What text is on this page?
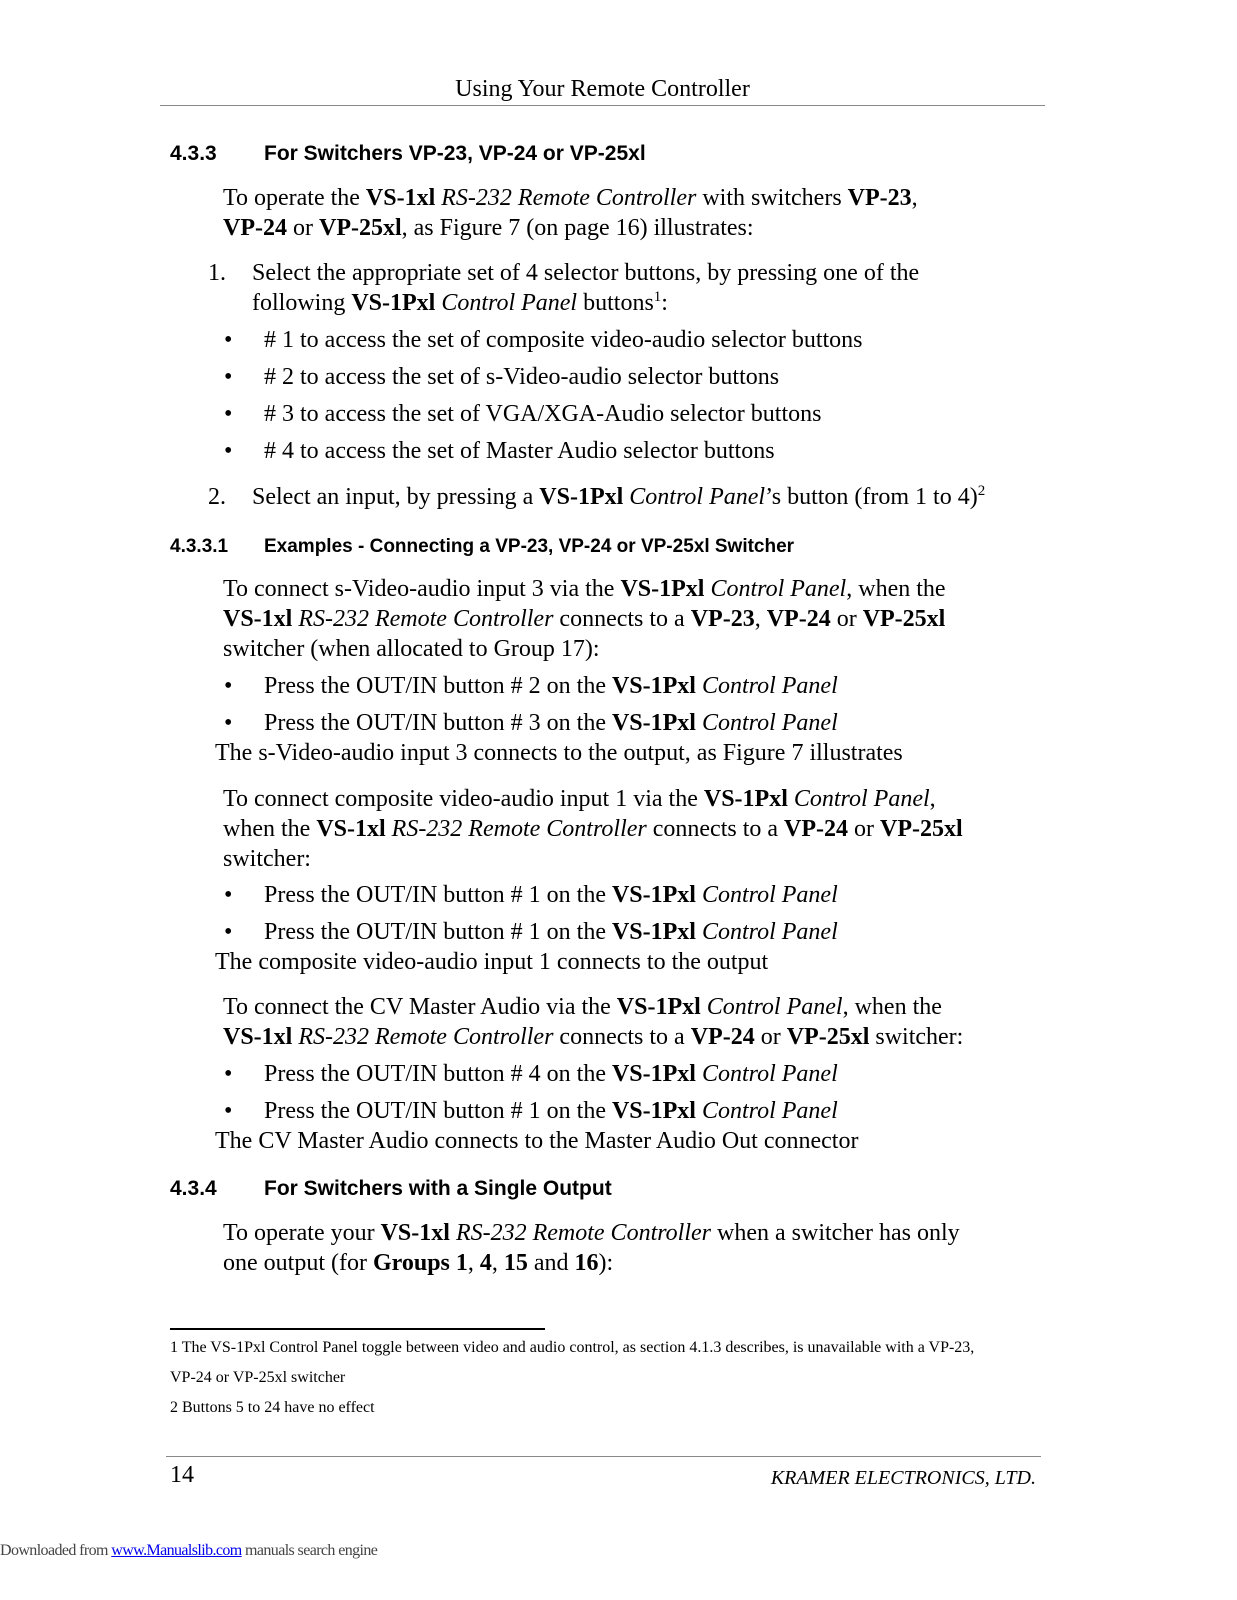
Using Your Remote Controller
4.3.3 For Switchers VP-23, VP-24 or VP-25xl
To operate the VS-1xl RS-232 Remote Controller with switchers VP-23,
VP-24 or VP-25xl, as Figure 7 (on page 16) illustrates:
1. Select the appropriate set of 4 selector buttons, by pressing one of the
following VS-1Pxl Control Panel buttons$^1$:
• # 1 to access the set of composite video-audio selector buttons
• # 2 to access the set of s-Video-audio selector buttons
• # 3 to access the set of VGA/XGA-Audio selector buttons
• # 4 to access the set of Master Audio selector buttons
2. Select an input, by pressing a VS-1Pxl Control Panel’s button (from 1 to 4)$^2$
4.3.3.1 Examples - Connecting a VP-23, VP-24 or VP-25xl Switcher
To connect s-Video-audio input 3 via the VS-1Pxl Control Panel, when the
VS-1xl RS-232 Remote Controller connects to a VP-23, VP-24 or VP-25xl
switcher (when allocated to Group 17):
• Press the OUT/IN button # 2 on the VS-1Pxl Control Panel
• Press the OUT/IN button # 3 on the VS-1Pxl Control Panel
The s-Video-audio input 3 connects to the output, as Figure 7 illustrates
To connect composite video-audio input 1 via the VS-1Pxl Control Panel,
when the VS-1xl RS-232 Remote Controller connects to a VP-24 or VP-25xl
switcher:
• Press the OUT/IN button # 1 on the VS-1Pxl Control Panel
• Press the OUT/IN button # 1 on the VS-1Pxl Control Panel
The composite video-audio input 1 connects to the output
To connect the CV Master Audio via the VS-1Pxl Control Panel, when the
VS-1xl RS-232 Remote Controller connects to a VP-24 or VP-25xl switcher:
• Press the OUT/IN button # 4 on the VS-1Pxl Control Panel
• Press the OUT/IN button # 1 on the VS-1Pxl Control Panel
The CV Master Audio connects to the Master Audio Out connector
4.3.4 For Switchers with a Single Output
To operate your VS-1xl RS-232 Remote Controller when a switcher has only
one output (for Groups 1, 4, 15 and 16):
1 The VS-1Pxl Control Panel toggle between video and audio control, as section 4.1.3 describes, is unavailable with a VP-23,
VP-24 or VP-25xl switcher
2 Buttons 5 to 24 have no effect
14	KRAMER ELECTRONICS, LTD.
Downloaded from www.Manualslib.com manuals search engine
